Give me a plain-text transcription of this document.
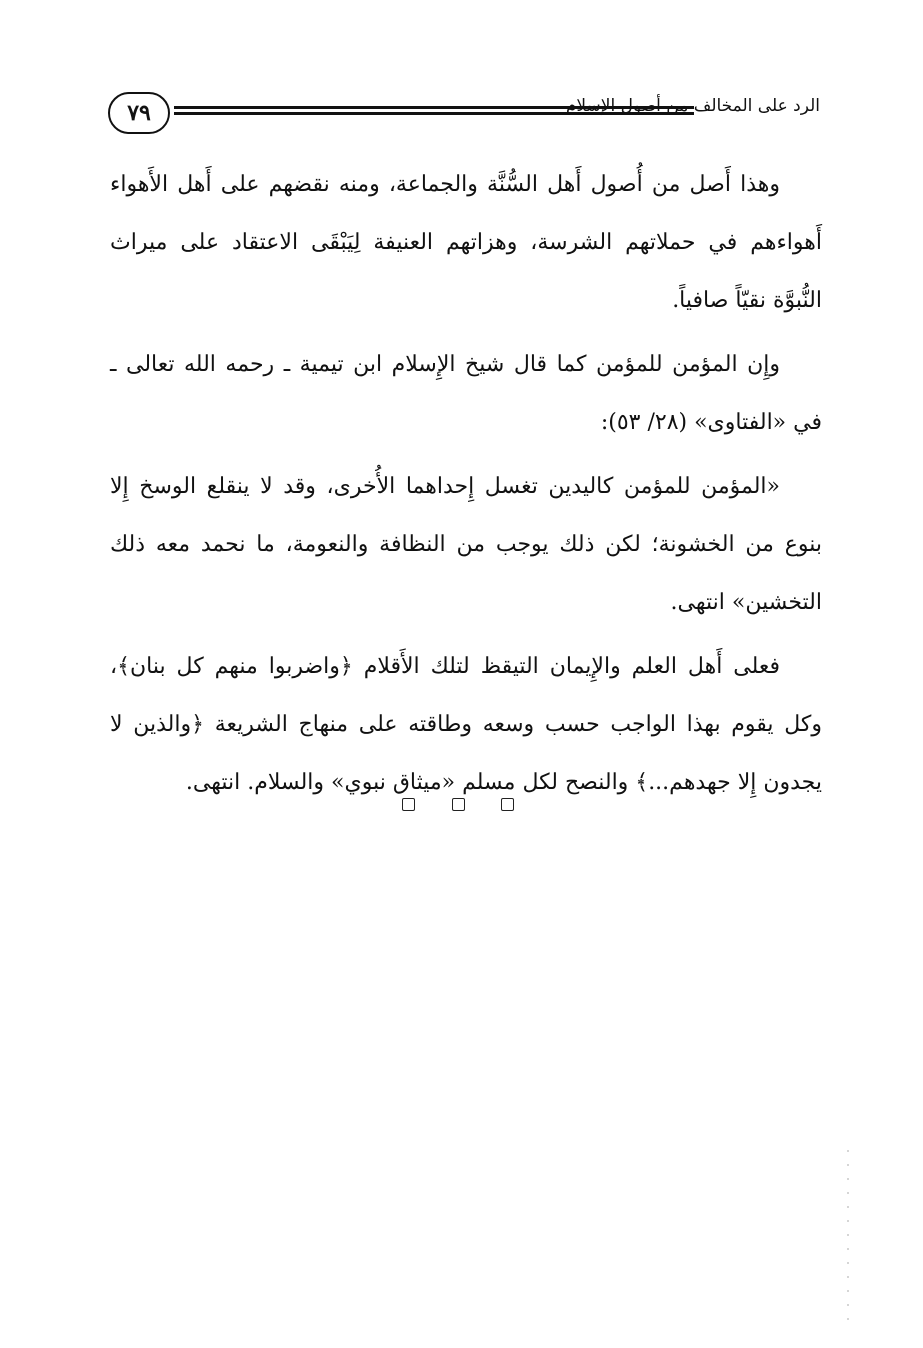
٧٩	الرد على المخالف من أصول الإسلام

وهذا أَصل من أُصول أَهل السُّنَّة والجماعة، ومنه نقضهم على أَهل الأَهواء أَهواءهم في حملاتهم الشرسة، وهزاتهم العنيفة لِيَبْقَى الاعتقاد على ميراث النُّبوَّة نقيّاً صافياً.

وإِن المؤمن للمؤمن كما قال شيخ الإِسلام ابن تيمية ـ رحمه الله تعالى ـ في «الفتاوى» (٢٨/ ٥٣):

«المؤمن للمؤمن كاليدين تغسل إِحداهما الأُخرى، وقد لا ينقلع الوسخ إِلا بنوع من الخشونة؛ لكن ذلك يوجب من النظافة والنعومة، ما نحمد معه ذلك التخشين» انتهى.

فعلى أَهل العلم والإِيمان التيقظ لتلك الأَقلام ﴿واضربوا منهم كل بنان﴾، وكل يقوم بهذا الواجب حسب وسعه وطاقته على منهاج الشريعة ﴿والذين لا يجدون إِلا جهدهم...﴾ والنصح لكل مسلم «ميثاق نبوي» والسلام. انتهى.
